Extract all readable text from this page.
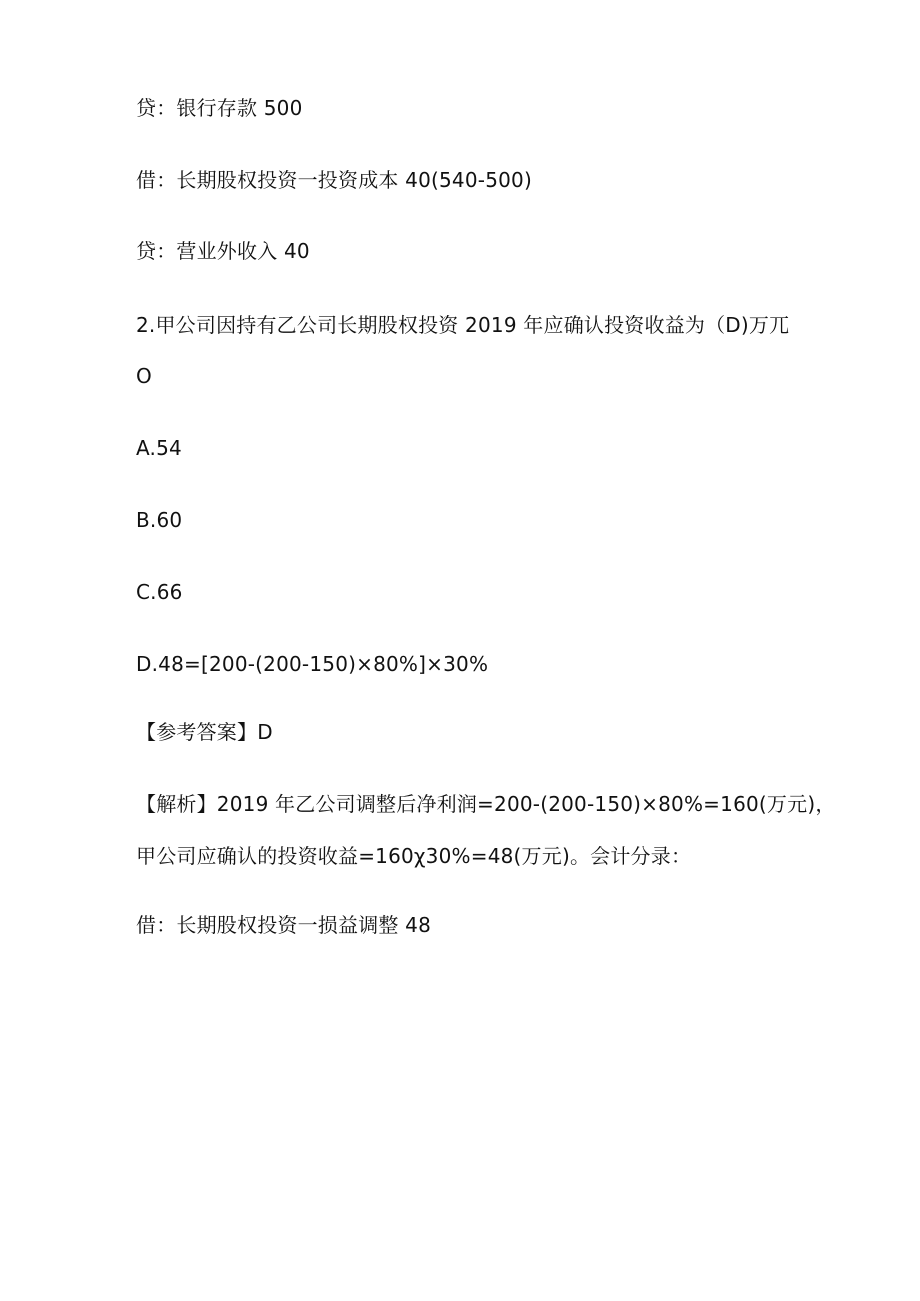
贷：银行存款 500
借：长期股权投资一投资成本 40(540-500)
贷：营业外收入 40
2.甲公司因持有乙公司长期股权投资 2019 年应确认投资收益为（D)万兀
O
A.54
B.60
C.66
D.48=[200-(200-150)×80%]×30%
【参考答案】D
【解析】2019 年乙公司调整后净利润=200-(200-150)×80%=160(万元)，
甲公司应确认的投资收益=160χ30%=48(万元)。会计分录：
借：长期股权投资一损益调整 48
